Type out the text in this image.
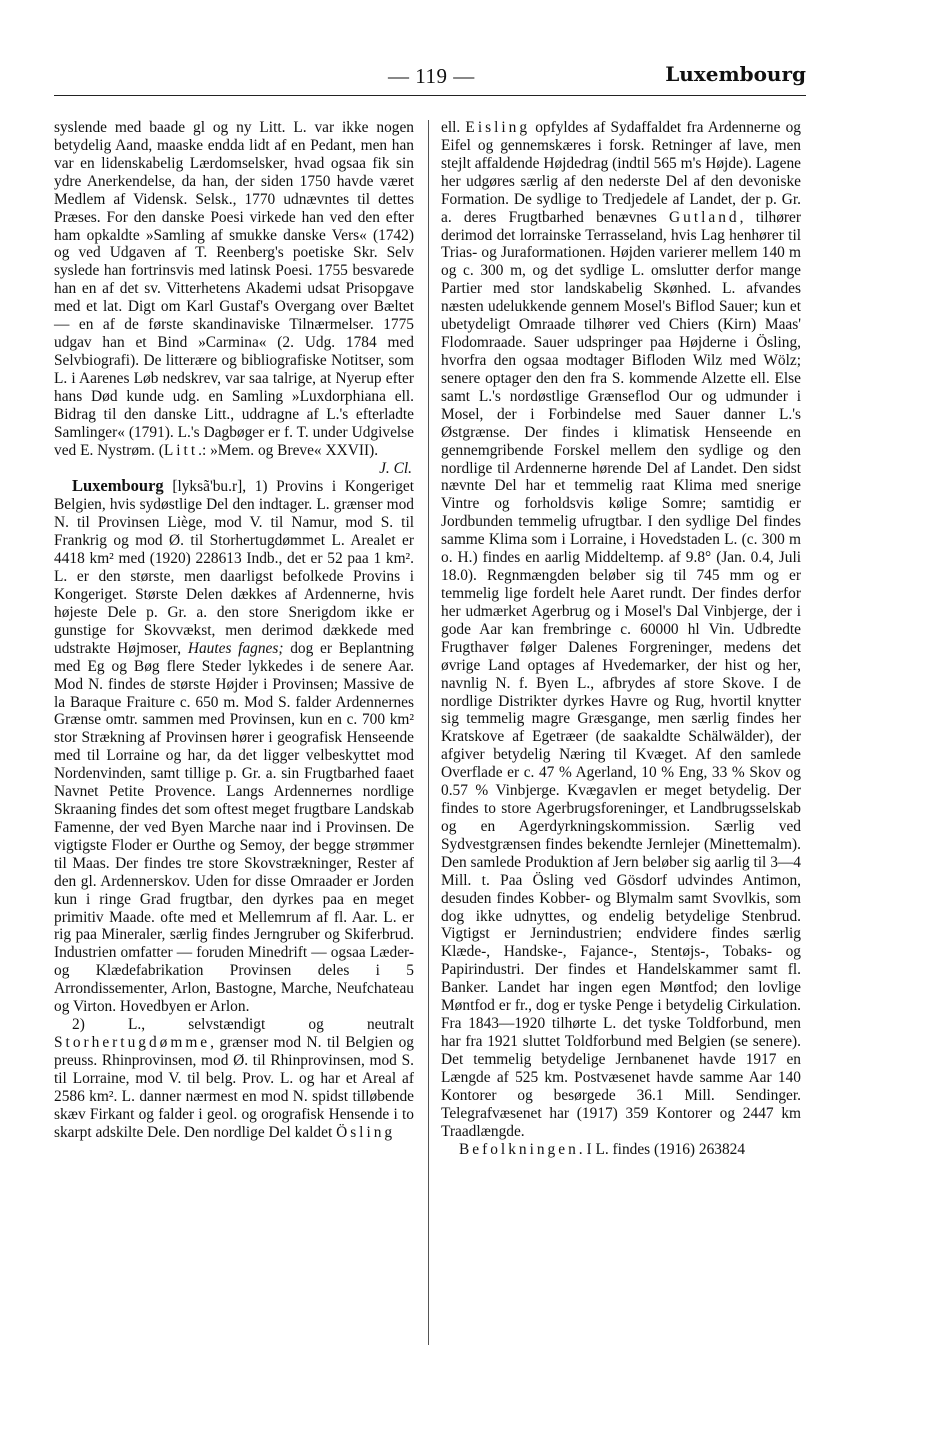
— 119 —	Luxembourg

syslende med baade gl og ny Litt. L. var ikke nogen betydelig Aand, maaske endda lidt af en Pedant, men han var en lidenskabelig Lærdomselsker, hvad ogsaa fik sin ydre Anerkendelse, da han, der siden 1750 havde været Medlem af Vidensk. Selsk., 1770 udnævntes til dettes Præses. For den danske Poesi virkede han ved den efter ham opkaldte »Samling af smukke danske Vers« (1742) og ved Udgaven af T. Reenberg's poetiske Skr. Selv syslede han fortrinsvis med latinsk Poesi. 1755 besvarede han en af det sv. Vitterhetens Akademi udsat Prisopgave med et lat. Digt om Karl Gustaf's Overgang over Bæltet — en af de første skandinaviske Tilnærmelser. 1775 udgav han et Bind »Carmina« (2. Udg. 1784 med Selvbiografi). De litterære og bibliografiske Notitser, som L. i Aarenes Løb nedskrev, var saa talrige, at Nyerup efter hans Død kunde udg. en Samling »Luxdorphiana ell. Bidrag til den danske Litt., uddragne af L.'s efterladte Samlinger« (1791). L.'s Dagbøger er f. T. under Udgivelse ved E. Nystrøm. (Litt.: »Mem. og Breve« XXVII).

J. Cl.

Luxembourg [lyksã'bu.r], 1) Provins i Kongeriget Belgien, hvis sydøstlige Del den indtager. L. grænser mod N. til Provinsen Liège, mod V. til Namur, mod S. til Frankrig og mod Ø. til Storhertugdømmet L. Arealet er 4418 km² med (1920) 228613 Indb., det er 52 paa 1 km². L. er den største, men daarligst befolkede Provins i Kongeriget. Største Delen dækkes af Ardennerne, hvis højeste Dele p. Gr. a. den store Snerigdom ikke er gunstige for Skovvækst, men derimod dækkede med udstrakte Højmoser, Hautes fagnes; dog er Beplantning med Eg og Bøg flere Steder lykkedes i de senere Aar. Mod N. findes de største Højder i Provinsen; Massive de la Baraque Fraiture c. 650 m. Mod S. falder Ardennernes Grænse omtr. sammen med Provinsen, kun en c. 700 km² stor Strækning af Provinsen hører i geografisk Henseende med til Lorraine og har, da det ligger velbeskyttet mod Nordenvinden, samt tillige p. Gr. a. sin Frugtbarhed faaet Navnet Petite Provence. Langs Ardennernes nordlige Skraaning findes det som oftest meget frugtbare Landskab Famenne, der ved Byen Marche naar ind i Provinsen. De vigtigste Floder er Ourthe og Semoy, der begge strømmer til Maas. Der findes tre store Skovstrækninger, Rester af den gl. Ardennerskov. Uden for disse Omraader er Jorden kun i ringe Grad frugtbar, den dyrkes paa en meget primitiv Maade. ofte med et Mellemrum af fl. Aar. L. er rig paa Mineraler, særlig findes Jerngruber og Skiferbrud. Industrien omfatter — foruden Minedrift — ogsaa Læder- og Klædefabrikation Provinsen deles i 5 Arrondissementer, Arlon, Bastogne, Marche, Neufchateau og Virton. Hovedbyen er Arlon.

2) L., selvstændigt og neutralt Storhertugdømme, grænser mod N. til Belgien og preuss. Rhinprovinsen, mod Ø. til Rhinprovinsen, mod S. til Lorraine, mod V. til belg. Prov. L. og har et Areal af 2586 km². L. danner nærmest en mod N. spidst tilløbende skæv Firkant og falder i geol. og orografisk Hensende i to skarpt adskilte Dele. Den nordlige Del kaldet Ösling

ell. Eisling opfyldes af Sydaffaldet fra Ardennerne og Eifel og gennemskæres i forsk. Retninger af lave, men stejlt affaldende Højdedrag (indtil 565 m's Højde). Lagene her udgøres særlig af den nederste Del af den devoniske Formation. De sydlige to Tredjedele af Landet, der p. Gr. a. deres Frugtbarhed benævnes Gutland, tilhører derimod det lorrainske Terrasseland, hvis Lag henhører til Trias- og Juraformationen. Højden varierer mellem 140 m og c. 300 m, og det sydlige L. omslutter derfor mange Partier med stor landskabelig Skønhed. L. afvandes næsten udelukkende gennem Mosel's Biflod Sauer; kun et ubetydeligt Omraade tilhører ved Chiers (Kirn) Maas' Flodomraade. Sauer udspringer paa Højderne i Ösling, hvorfra den ogsaa modtager Bifloden Wilz med Wölz; senere optager den den fra S. kommende Alzette ell. Else samt L.'s nordøstlige Grænseflod Our og udmunder i Mosel, der i Forbindelse med Sauer danner L.'s Østgrænse. Der findes i klimatisk Henseende en gennemgribende Forskel mellem den sydlige og den nordlige til Ardennerne hørende Del af Landet. Den sidst nævnte Del har et temmelig raat Klima med snerige Vintre og forholdsvis kølige Somre; samtidig er Jordbunden temmelig ufrugtbar. I den sydlige Del findes samme Klima som i Lorraine, i Hovedstaden L. (c. 300 m o. H.) findes en aarlig Middeltemp. af 9.8° (Jan. 0.4, Juli 18.0). Regnmængden beløber sig til 745 mm og er temmelig lige fordelt hele Aaret rundt. Der findes derfor her udmærket Agerbrug og i Mosel's Dal Vinbjerge, der i gode Aar kan frembringe c. 60000 hl Vin. Udbredte Frugthaver følger Dalenes Forgreninger, medens det øvrige Land optages af Hvedemarker, der hist og her, navnlig N. f. Byen L., afbrydes af store Skove. I de nordlige Distrikter dyrkes Havre og Rug, hvortil knytter sig temmelig magre Græsgange, men særlig findes her Kratskove af Egetræer (de saakaldte Schälwälder), der afgiver betydelig Næring til Kvæget. Af den samlede Overflade er c. 47 % Agerland, 10 % Eng, 33 % Skov og 0.57 % Vinbjerge. Kvægavlen er meget betydelig. Der findes to store Agerbrugsforeninger, et Landbrugsselskab og en Agerdyrkningskommission. Særlig ved Sydvestgrænsen findes bekendte Jernlejer (Minettemalm). Den samlede Produktion af Jern beløber sig aarlig til 3—4 Mill. t. Paa Ösling ved Gösdorf udvindes Antimon, desuden findes Kobber- og Blymalm samt Svovlkis, som dog ikke udnyttes, og endelig betydelige Stenbrud. Vigtigst er Jernindustrien; endvidere findes særlig Klæde-, Handske-, Fajance-, Stentøjs-, Tobaks- og Papirindustri. Der findes et Handelskammer samt fl. Banker. Landet har ingen egen Møntfod; den lovlige Møntfod er fr., dog er tyske Penge i betydelig Cirkulation. Fra 1843—1920 tilhørte L. det tyske Toldforbund, men har fra 1921 sluttet Toldforbund med Belgien (se senere). Det temmelig betydelige Jernbanenet havde 1917 en Længde af 525 km. Postvæsenet havde samme Aar 140 Kontorer og besørgede 36.1 Mill. Sendinger. Telegrafvæsenet har (1917) 359 Kontorer og 2447 km Traadlængde.

Befolkningen. I L. findes (1916) 263824
